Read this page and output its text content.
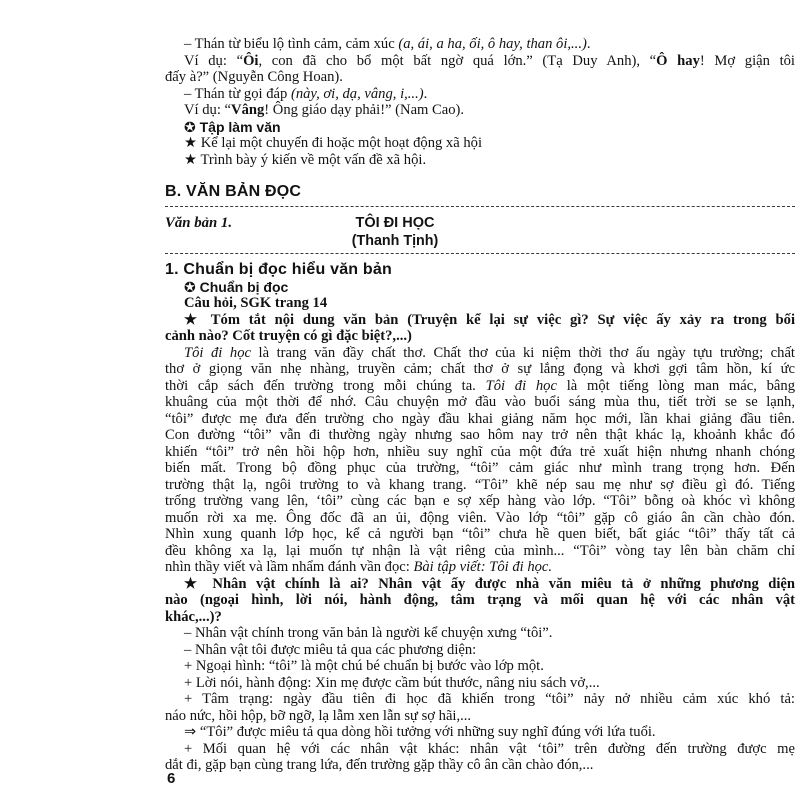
– Thán từ biểu lộ tình cảm, cảm xúc (a, ái, a ha, ối, ô hay, than ôi,...).
Ví dụ: “Ôi, con đã cho bổ một bất ngờ quá lớn.” (Tạ Duy Anh), “Ô hay! Mợ giận tôi
đấy à?” (Nguyễn Công Hoan).
– Thán từ gọi đáp (này, ơi, dạ, vâng, i,...).
Ví dụ: “Vâng! Ông giáo dạy phải!” (Nam Cao).
✪ Tập làm văn
★ Kể lại một chuyến đi hoặc một hoạt động xã hội
★ Trình bày ý kiến về một vấn đề xã hội.
B. VĂN BẢN ĐỌC
Văn bản 1.	TÔI ĐI HỌC
(Thanh Tịnh)
1. Chuẩn bị đọc hiểu văn bản
✪ Chuẩn bị đọc
Câu hỏi, SGK trang 14
★ Tóm tắt nội dung văn bản (Truyện kể lại sự việc gì? Sự việc ấy xảy ra trong bối
cảnh nào? Cốt truyện có gì đặc biệt?,...)
Tôi đi học là trang văn đầy chất thơ. Chất thơ của ki niệm thời thơ ấu ngày tựu trường; chất
thơ ở giọng văn nhẹ nhàng, truyền cảm; chất thơ ở sự lắng đọng và khơi gợi tâm hồn, kí ức
thời cắp sách đến trường trong mỗi chúng ta. Tôi đi học là một tiếng lòng man mác, bâng
khuâng của một thời để nhớ. Câu chuyện mở đầu vào buổi sáng mùa thu, tiết trời se se lạnh,
“tôi” được mẹ đưa đến trường cho ngày đầu khai giảng năm học mới, lần khai giảng đầu tiên.
Con đường “tôi” vẫn đi thường ngày nhưng sao hôm nay trở nên thật khác lạ, khoảnh khắc đó
khiến “tôi” trở nên hồi hộp hơn, nhiều suy nghĩ của một đứa trẻ xuất hiện nhưng nhanh chóng
biến mất. Trong bộ đồng phục của trường, “tôi” cảm giác như mình trang trọng hơn. Đến
trường thật lạ, ngôi trường to và khang trang. “Tôi” khẽ nép sau mẹ như sợ điều gì đó. Tiếng
trống trường vang lên, ‘tôi” cùng các bạn e sợ xếp hàng vào lớp. “Tôi” bỗng oà khóc vì không
muốn rời xa mẹ. Ông đốc đã an ủi, động viên. Vào lớp “tôi” gặp cô giáo ân cần chào đón.
Nhìn xung quanh lớp học, kể cả người bạn “tôi” chưa hề quen biết, bất giác “tôi” thấy tất cả
đều không xa lạ, lại muốn tự nhận là vật riêng của mình... “Tôi” vòng tay lên bàn chăm chỉ
nhìn thầy viết và lầm nhẩm đánh vần đọc: Bài tập viết: Tôi đi học.
★ Nhân vật chính là ai? Nhân vật ấy được nhà văn miêu tả ở những phương diện
nào (ngoại hình, lời nói, hành động, tâm trạng và mối quan hệ với các nhân vật
khác,...)?
– Nhân vật chính trong văn bản là người kể chuyện xưng “tôi”.
– Nhân vật tôi được miêu tả qua các phương diện:
+ Ngoại hình: “tôi” là một chú bé chuẩn bị bước vào lớp một.
+ Lời nói, hành động: Xin mẹ được cầm bút thước, nâng niu sách vở,...
+ Tâm trạng: ngày đầu tiên đi học đã khiến trong “tôi” nảy nở nhiều cảm xúc khó tả:
náo nức, hồi hộp, bỡ ngỡ, lạ lẫm xen lẫn sự sợ hãi,...
⇒ “Tôi” được miêu tả qua dòng hồi tưởng với những suy nghĩ đúng với lứa tuổi.
+ Mối quan hệ với các nhân vật khác: nhân vật ‘tôi” trên đường đến trường được mẹ
dắt đi, gặp bạn cùng trang lứa, đến trường gặp thầy cô ân cần chào đón,...
6
